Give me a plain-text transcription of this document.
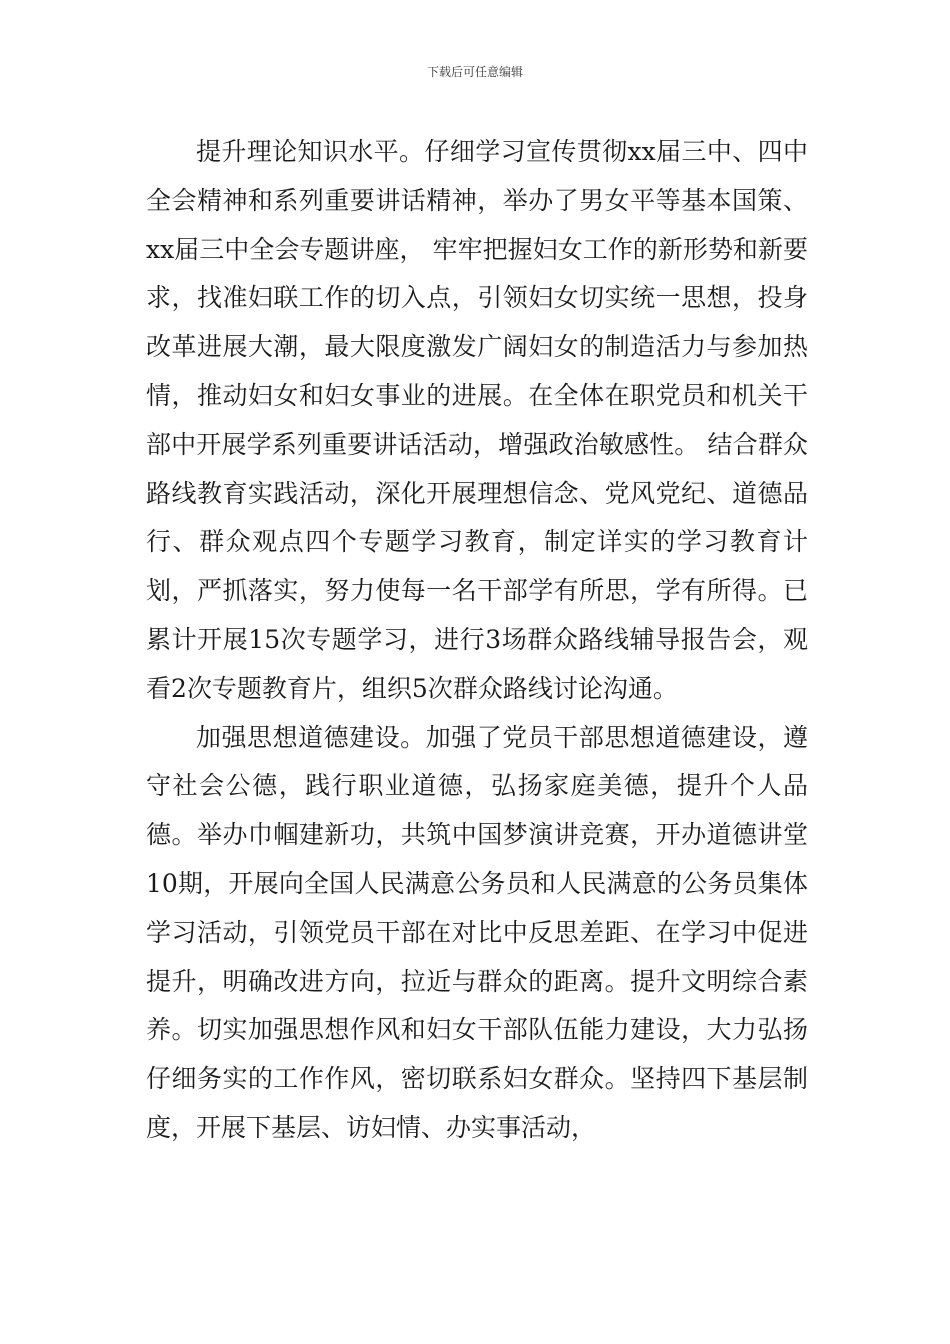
下载后可任意编辑

提升理论知识水平。仔细学习宣传贯彻xx届三中、四中全会精神和系列重要讲话精神，举办了男女平等基本国策、xx届三中全会专题讲座， 牢牢把握妇女工作的新形势和新要求，找准妇联工作的切入点，引领妇女切实统一思想，投身改革进展大潮，最大限度激发广阔妇女的制造活力与参加热情，推动妇女和妇女事业的进展。在全体在职党员和机关干部中开展学系列重要讲话活动，增强政治敏感性。 结合群众路线教育实践活动，深化开展理想信念、党风党纪、道德品行、群众观点四个专题学习教育，制定详实的学习教育计划，严抓落实，努力使每一名干部学有所思，学有所得。已累计开展15次专题学习，进行3场群众路线辅导报告会，观看2次专题教育片，组织5次群众路线讨论沟通。

加强思想道德建设。加强了党员干部思想道德建设，遵守社会公德，践行职业道德，弘扬家庭美德，提升个人品德。举办巾帼建新功，共筑中国梦演讲竞赛，开办道德讲堂10期，开展向全国人民满意公务员和人民满意的公务员集体学习活动，引领党员干部在对比中反思差距、在学习中促进提升，明确改进方向，拉近与群众的距离。提升文明综合素养。切实加强思想作风和妇女干部队伍能力建设，大力弘扬仔细务实的工作作风，密切联系妇女群众。坚持四下基层制度，开展下基层、访妇情、办实事活动，
